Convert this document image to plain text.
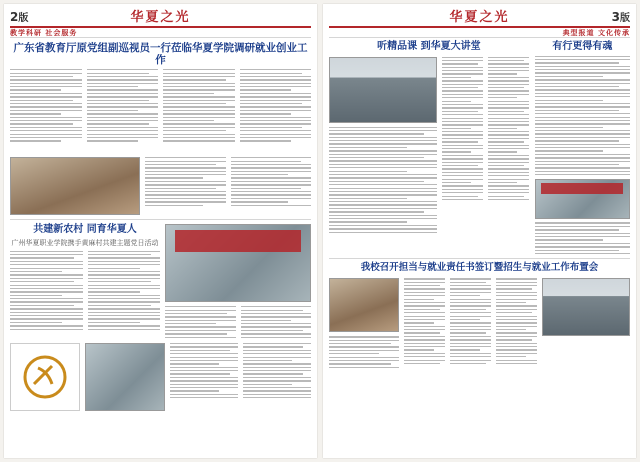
2版	华夏之光
教学科研 社会服务
广东省教育厅原党组副巡视员一行莅临华夏学院调研就业创业工作
共建新农村 同育华夏人
广州华夏职业学院携手黄麻村共建主题党日活动
华夏之光	3版
典型报道 文化传承
听精品课 到华夏大讲堂	有行更得有魂
我校召开担当与就业责任书签订暨招生与就业工作布置会
